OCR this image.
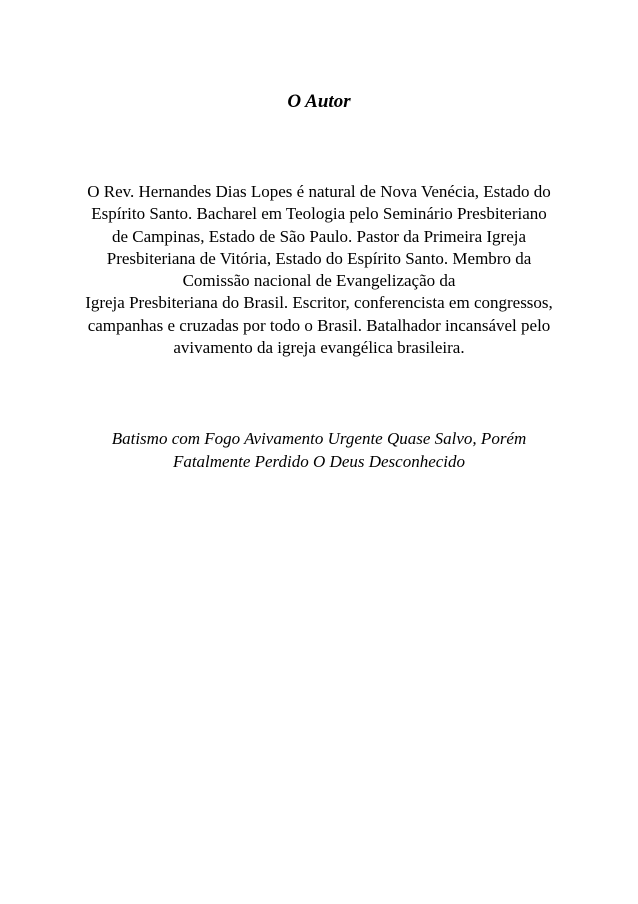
O Autor
O Rev. Hernandes Dias Lopes é natural de Nova Venécia, Estado do
Espírito Santo. Bacharel em Teologia pelo Seminário Presbiteriano
de Campinas, Estado de São Paulo. Pastor da Primeira Igreja
Presbiteriana de Vitória, Estado do Espírito Santo. Membro da
Comissão nacional de Evangelização da
Igreja Presbiteriana do Brasil. Escritor, conferencista em congressos,
campanhas e cruzadas por todo o Brasil. Batalhador incansável pelo
avivamento da igreja evangélica brasileira.
Batismo com Fogo Avivamento Urgente Quase Salvo, Porém
Fatalmente Perdido O Deus Desconhecido
